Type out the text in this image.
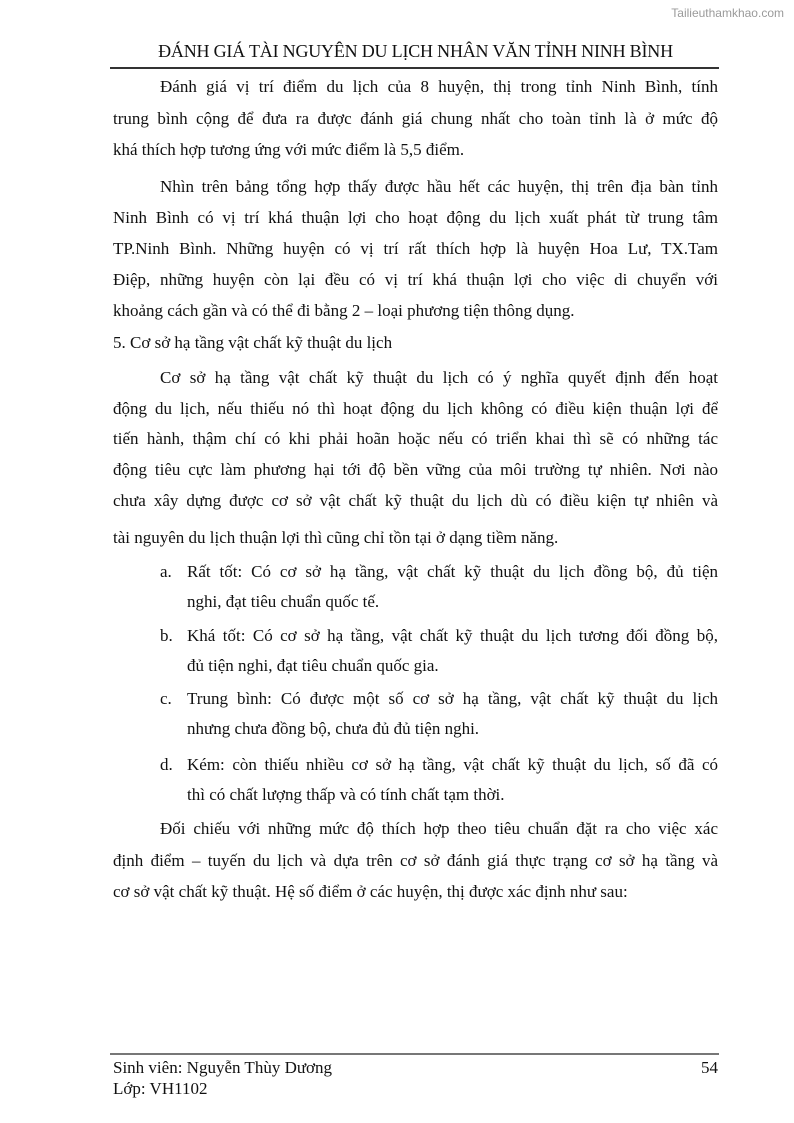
Tailieuthamkhao.com
ĐÁNH GIÁ TÀI NGUYÊN DU LỊCH NHÂN VĂN TỈNH NINH BÌNH
Đánh giá vị trí điểm du lịch của 8 huyện, thị trong tỉnh Ninh Bình, tính
trung bình cộng để đưa ra được đánh giá chung nhất cho toàn tỉnh là ở mức độ
khá thích hợp tương ứng với mức điểm là 5,5 điểm.
Nhìn trên bảng tổng hợp thấy được hầu hết các huyện, thị trên địa bàn tỉnh
Ninh Bình có vị trí khá thuận lợi cho hoạt động du lịch xuất phát từ trung tâm
TP.Ninh Bình. Những huyện có vị trí rất thích hợp là huyện Hoa Lư, TX.Tam
Điệp, những huyện còn lại đều có vị trí khá thuận lợi cho việc di chuyển với
khoảng cách gần và có thể đi bằng 2 – loại phương tiện thông dụng.
5. Cơ sở hạ tầng vật chất kỹ thuật du lịch
Cơ sở hạ tầng vật chất kỹ thuật du lịch có ý nghĩa quyết định đến hoạt
động du lịch, nếu thiếu nó thì hoạt động du lịch không có điều kiện thuận lợi để
tiến hành, thậm chí có khi phải hoãn hoặc nếu có triển khai thì sẽ có những tác
động tiêu cực làm phương hại tới độ bền vững của môi trường tự nhiên. Nơi nào
chưa xây dựng được cơ sở vật chất kỹ thuật du lịch dù có điều kiện tự nhiên và
tài nguyên du lịch thuận lợi thì cũng chỉ tồn tại ở dạng tiềm năng.
Rất tốt: Có cơ sở hạ tầng, vật chất kỹ thuật du lịch đồng bộ, đủ tiện
nghi, đạt tiêu chuẩn quốc tế.
Khá tốt: Có cơ sở hạ tầng, vật chất kỹ thuật du lịch tương đối đồng bộ,
đủ tiện nghi, đạt tiêu chuẩn quốc gia.
Trung bình: Có được một số cơ sở hạ tầng, vật chất kỹ thuật du lịch
nhưng chưa đồng bộ, chưa đủ đủ tiện nghi.
Kém: còn thiếu nhiều cơ sở hạ tầng, vật chất kỹ thuật du lịch, số đã có
thì có chất lượng thấp và có tính chất tạm thời.
Đối chiếu với những mức độ thích hợp theo tiêu chuẩn đặt ra cho việc xác
định điểm – tuyến du lịch và dựa trên cơ sở đánh giá thực trạng cơ sở hạ tầng và
cơ sở vật chất kỹ thuật. Hệ số điểm ở các huyện, thị được xác định như sau:
a.
b.
c.
d.
Sinh viên: Nguyễn Thùy Dương	54
Lớp: VH1102
